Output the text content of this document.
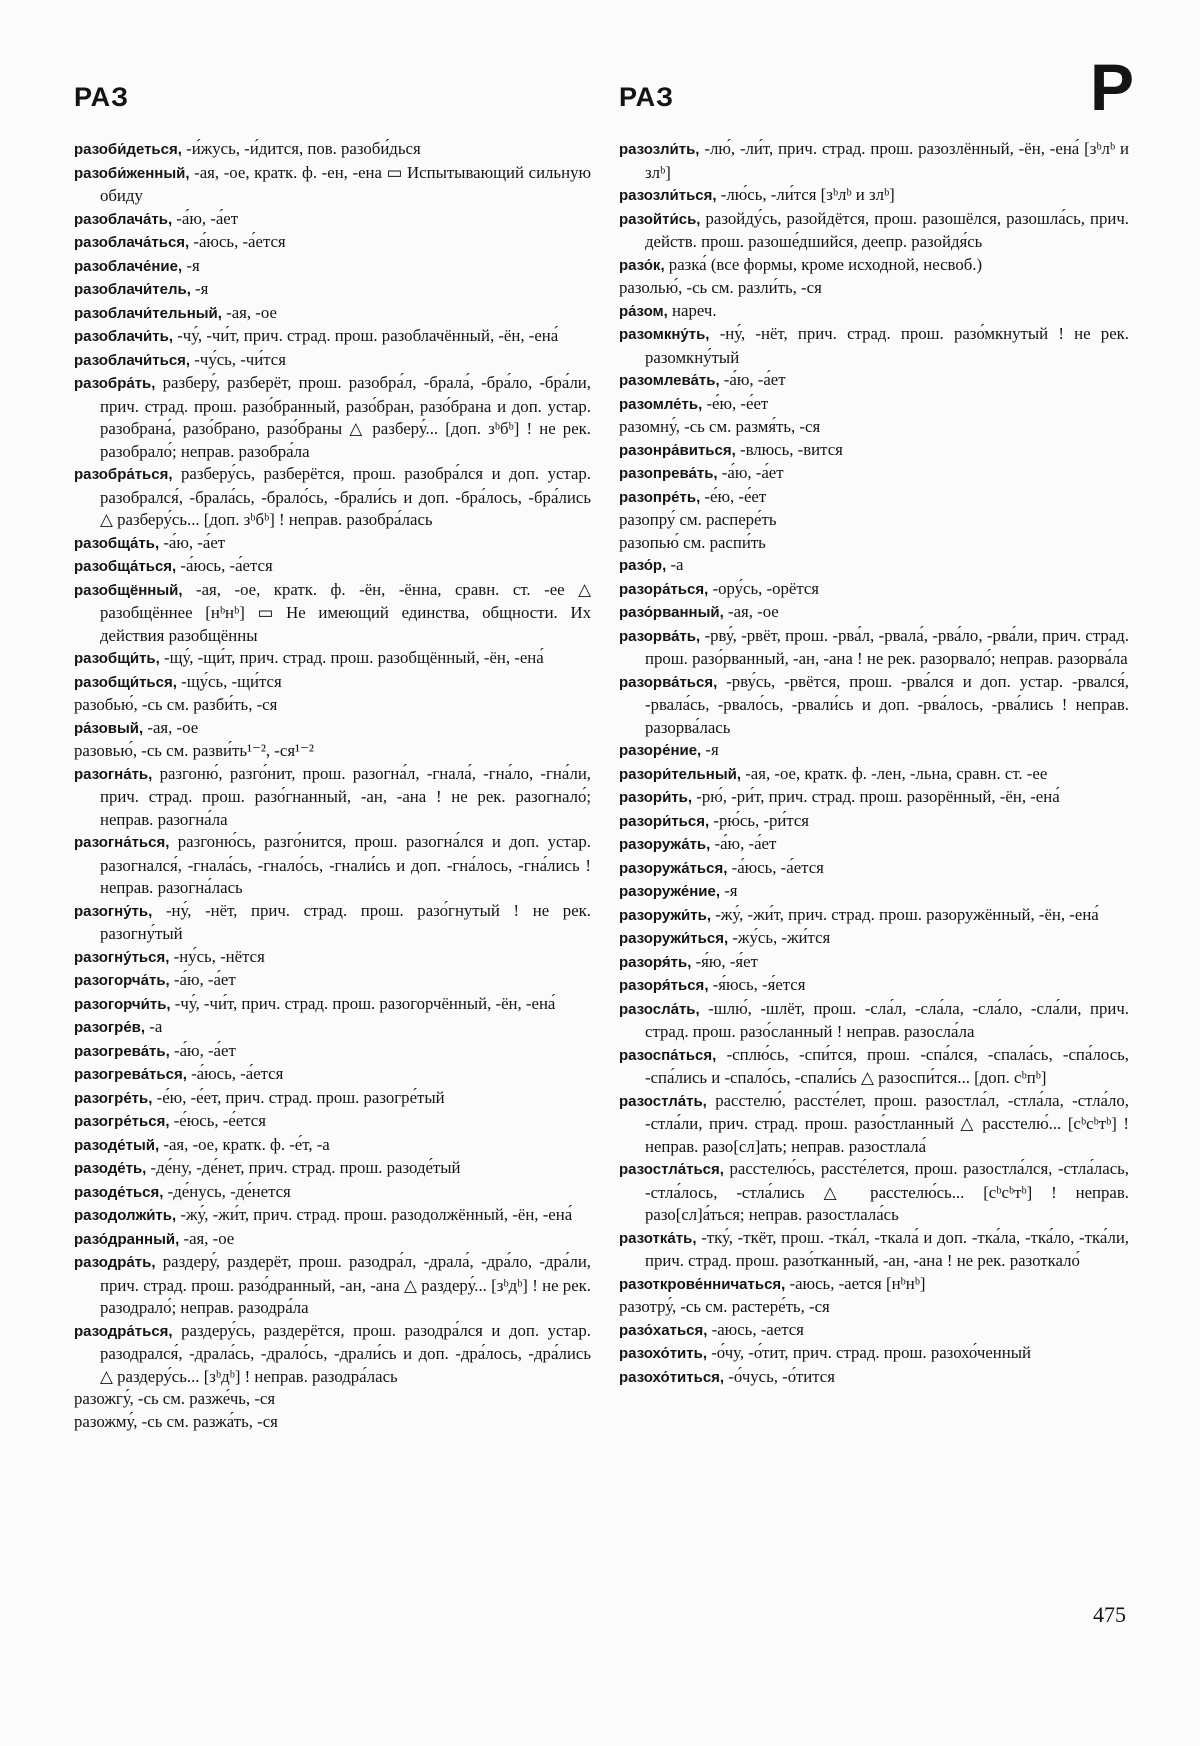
РАЗ	РАЗ	Р

разоби́деться, -и́жусь, -и́дится, пов. разоби́дься

разоби́женный, -ая, -ое, кратк. ф. -ен, -ена ▭ Испытывающий сильную обиду

разоблача́ть, -а́ю, -а́ет

разоблача́ться, -а́юсь, -а́ется

разоблаче́ние, -я

разоблачи́тель, -я

разоблачи́тельный, -ая, -ое

разоблачи́ть, -чу́, -чи́т, прич. страд. прош. разоблачённый, -ён, -ена́

разоблачи́ться, -чу́сь, -чи́тся

разобра́ть, разберу́, разберёт, прош. разобра́л, -брала́, -бра́ло, -бра́ли, прич. страд. прош. разо́бранный, разо́бран, разо́брана и доп. устар. разобрана́, разо́брано, разо́браны △ разберу́... [доп. зᵇбᵇ] ! не рек. разобрало́; неправ. разобра́ла

разобра́ться, разберу́сь, разберётся, прош. разобра́лся и доп. устар. разобрался́, -брала́сь, -брало́сь, -брали́сь и доп. -бра́лось, -бра́лись △ разберу́сь... [доп. зᵇбᵇ] ! неправ. разобра́лась

разобща́ть, -а́ю, -а́ет

разобща́ться, -а́юсь, -а́ется

разобщённый, -ая, -ое, кратк. ф. -ён, -ённа, сравн. ст. -ее △ разобщённее [нᵇнᵇ] ▭ Не имеющий единства, общности. Их действия разобщённы

разобщи́ть, -щу́, -щи́т, прич. страд. прош. разобщённый, -ён, -ена́

разобщи́ться, -щу́сь, -щи́тся

разобью́, -сь см. разби́ть, -ся

ра́зовый, -ая, -ое

разовью́, -сь см. разви́ть¹⁻², -ся¹⁻²

разогна́ть, разгоню́, разго́нит, прош. разогна́л, -гнала́, -гна́ло, -гна́ли, прич. страд. прош. разо́гнанный, -ан, -ана ! не рек. разогнало́; неправ. разогна́ла

разогна́ться, разгоню́сь, разго́нится, прош. разогна́лся и доп. устар. разогнался́, -гнала́сь, -гнало́сь, -гнали́сь и доп. -гна́лось, -гна́лись ! неправ. разогна́лась

разогну́ть, -ну́, -нёт, прич. страд. прош. разо́гнутый ! не рек. разогну́тый

разогну́ться, -ну́сь, -нётся

разогорча́ть, -а́ю, -а́ет

разогорчи́ть, -чу́, -чи́т, прич. страд. прош. разогорчённый, -ён, -ена́

разогре́в, -а

разогрева́ть, -а́ю, -а́ет

разогрева́ться, -а́юсь, -а́ется

разогре́ть, -е́ю, -е́ет, прич. страд. прош. разогре́тый

разогре́ться, -е́юсь, -е́ется

разоде́тый, -ая, -ое, кратк. ф. -е́т, -а

разоде́ть, -де́ну, -де́нет, прич. страд. прош. разоде́тый

разоде́ться, -де́нусь, -де́нется

разодолжи́ть, -жу́, -жи́т, прич. страд. прош. разодолжённый, -ён, -ена́

разо́дранный, -ая, -ое

разодра́ть, раздеру́, раздерёт, прош. разодра́л, -драла́, -дра́ло, -дра́ли, прич. страд. прош. разо́дранный, -ан, -ана △ раздеру́... [зᵇдᵇ] ! не рек. разодрало́; неправ. разодра́ла

разодра́ться, раздеру́сь, раздерётся, прош. разодра́лся и доп. устар. разодрался́, -драла́сь, -драло́сь, -драли́сь и доп. -дра́лось, -дра́лись △ раздеру́сь... [зᵇдᵇ] ! неправ. разодра́лась

разожгу́, -сь см. разже́чь, -ся

разожму́, -сь см. разжа́ть, -ся

разозли́ть, -лю́, -ли́т, прич. страд. прош. разозлённый, -ён, -ена́ [зᵇлᵇ и злᵇ]

разозли́ться, -лю́сь, -ли́тся [зᵇлᵇ и злᵇ]

разойти́сь, разойду́сь, разойдётся, прош. разошёлся, разошла́сь, прич. действ. прош. разоше́дшийся, деепр. разойдя́сь

разо́к, разка́ (все формы, кроме исходной, несвоб.)

разолью́, -сь см. разли́ть, -ся

ра́зом, нареч.

разомкну́ть, -ну́, -нёт, прич. страд. прош. разо́мкнутый ! не рек. разомкну́тый

разомлева́ть, -а́ю, -а́ет

разомле́ть, -е́ю, -е́ет

разомну́, -сь см. размя́ть, -ся

разонра́виться, -влюсь, -вится

разопрева́ть, -а́ю, -а́ет

разопре́ть, -е́ю, -е́ет

разопру́ см. распере́ть

разопью́ см. распи́ть

разо́р, -а

разора́ться, -ору́сь, -орётся

разо́рванный, -ая, -ое

разорва́ть, -рву́, -рвёт, прош. -рва́л, -рвала́, -рва́ло, -рва́ли, прич. страд. прош. разо́рванный, -ан, -ана ! не рек. разорвало́; неправ. разорва́ла

разорва́ться, -рву́сь, -рвётся, прош. -рва́лся и доп. устар. -рвался́, -рвала́сь, -рвало́сь, -рвали́сь и доп. -рва́лось, -рва́лись ! неправ. разорва́лась

разоре́ние, -я

разори́тельный, -ая, -ое, кратк. ф. -лен, -льна, сравн. ст. -ее

разори́ть, -рю́, -ри́т, прич. страд. прош. разорённый, -ён, -ена́

разори́ться, -рю́сь, -ри́тся

разоружа́ть, -а́ю, -а́ет

разоружа́ться, -а́юсь, -а́ется

разоруже́ние, -я

разоружи́ть, -жу́, -жи́т, прич. страд. прош. разоружённый, -ён, -ена́

разоружи́ться, -жу́сь, -жи́тся

разоря́ть, -я́ю, -я́ет

разоря́ться, -я́юсь, -я́ется

разосла́ть, -шлю́, -шлёт, прош. -сла́л, -сла́ла, -сла́ло, -сла́ли, прич. страд. прош. разо́сланный ! неправ. разосла́ла

разоспа́ться, -сплю́сь, -спи́тся, прош. -спа́лся, -спала́сь, -спа́лось, -спа́лись и -спало́сь, -спали́сь △ разоспи́тся... [доп. сᵇпᵇ]

разостла́ть, расстелю́, рассте́лет, прош. разостла́л, -стла́ла, -стла́ло, -стла́ли, прич. страд. прош. разо́стланный △ расстелю́... [сᵇсᵇтᵇ] ! неправ. разо[сл]ать; неправ. разостлала́

разостла́ться, расстелю́сь, рассте́лется, прош. разостла́лся, -стла́лась, -стла́лось, -стла́лись △ расстелю́сь... [сᵇсᵇтᵇ] ! неправ. разо[сл]а́ться; неправ. разостлала́сь

разотка́ть, -тку́, -ткёт, прош. -тка́л, -ткала́ и доп. -тка́ла, -тка́ло, -тка́ли, прич. страд. прош. разо́тканный, -ан, -ана ! не рек. разоткало́

разоткрове́нничаться, -аюсь, -ается [нᵇнᵇ]

разотру́, -сь см. растере́ть, -ся

разо́хаться, -аюсь, -ается

разохо́тить, -о́чу, -о́тит, прич. страд. прош. разохо́ченный

разохо́титься, -о́чусь, -о́тится

475
